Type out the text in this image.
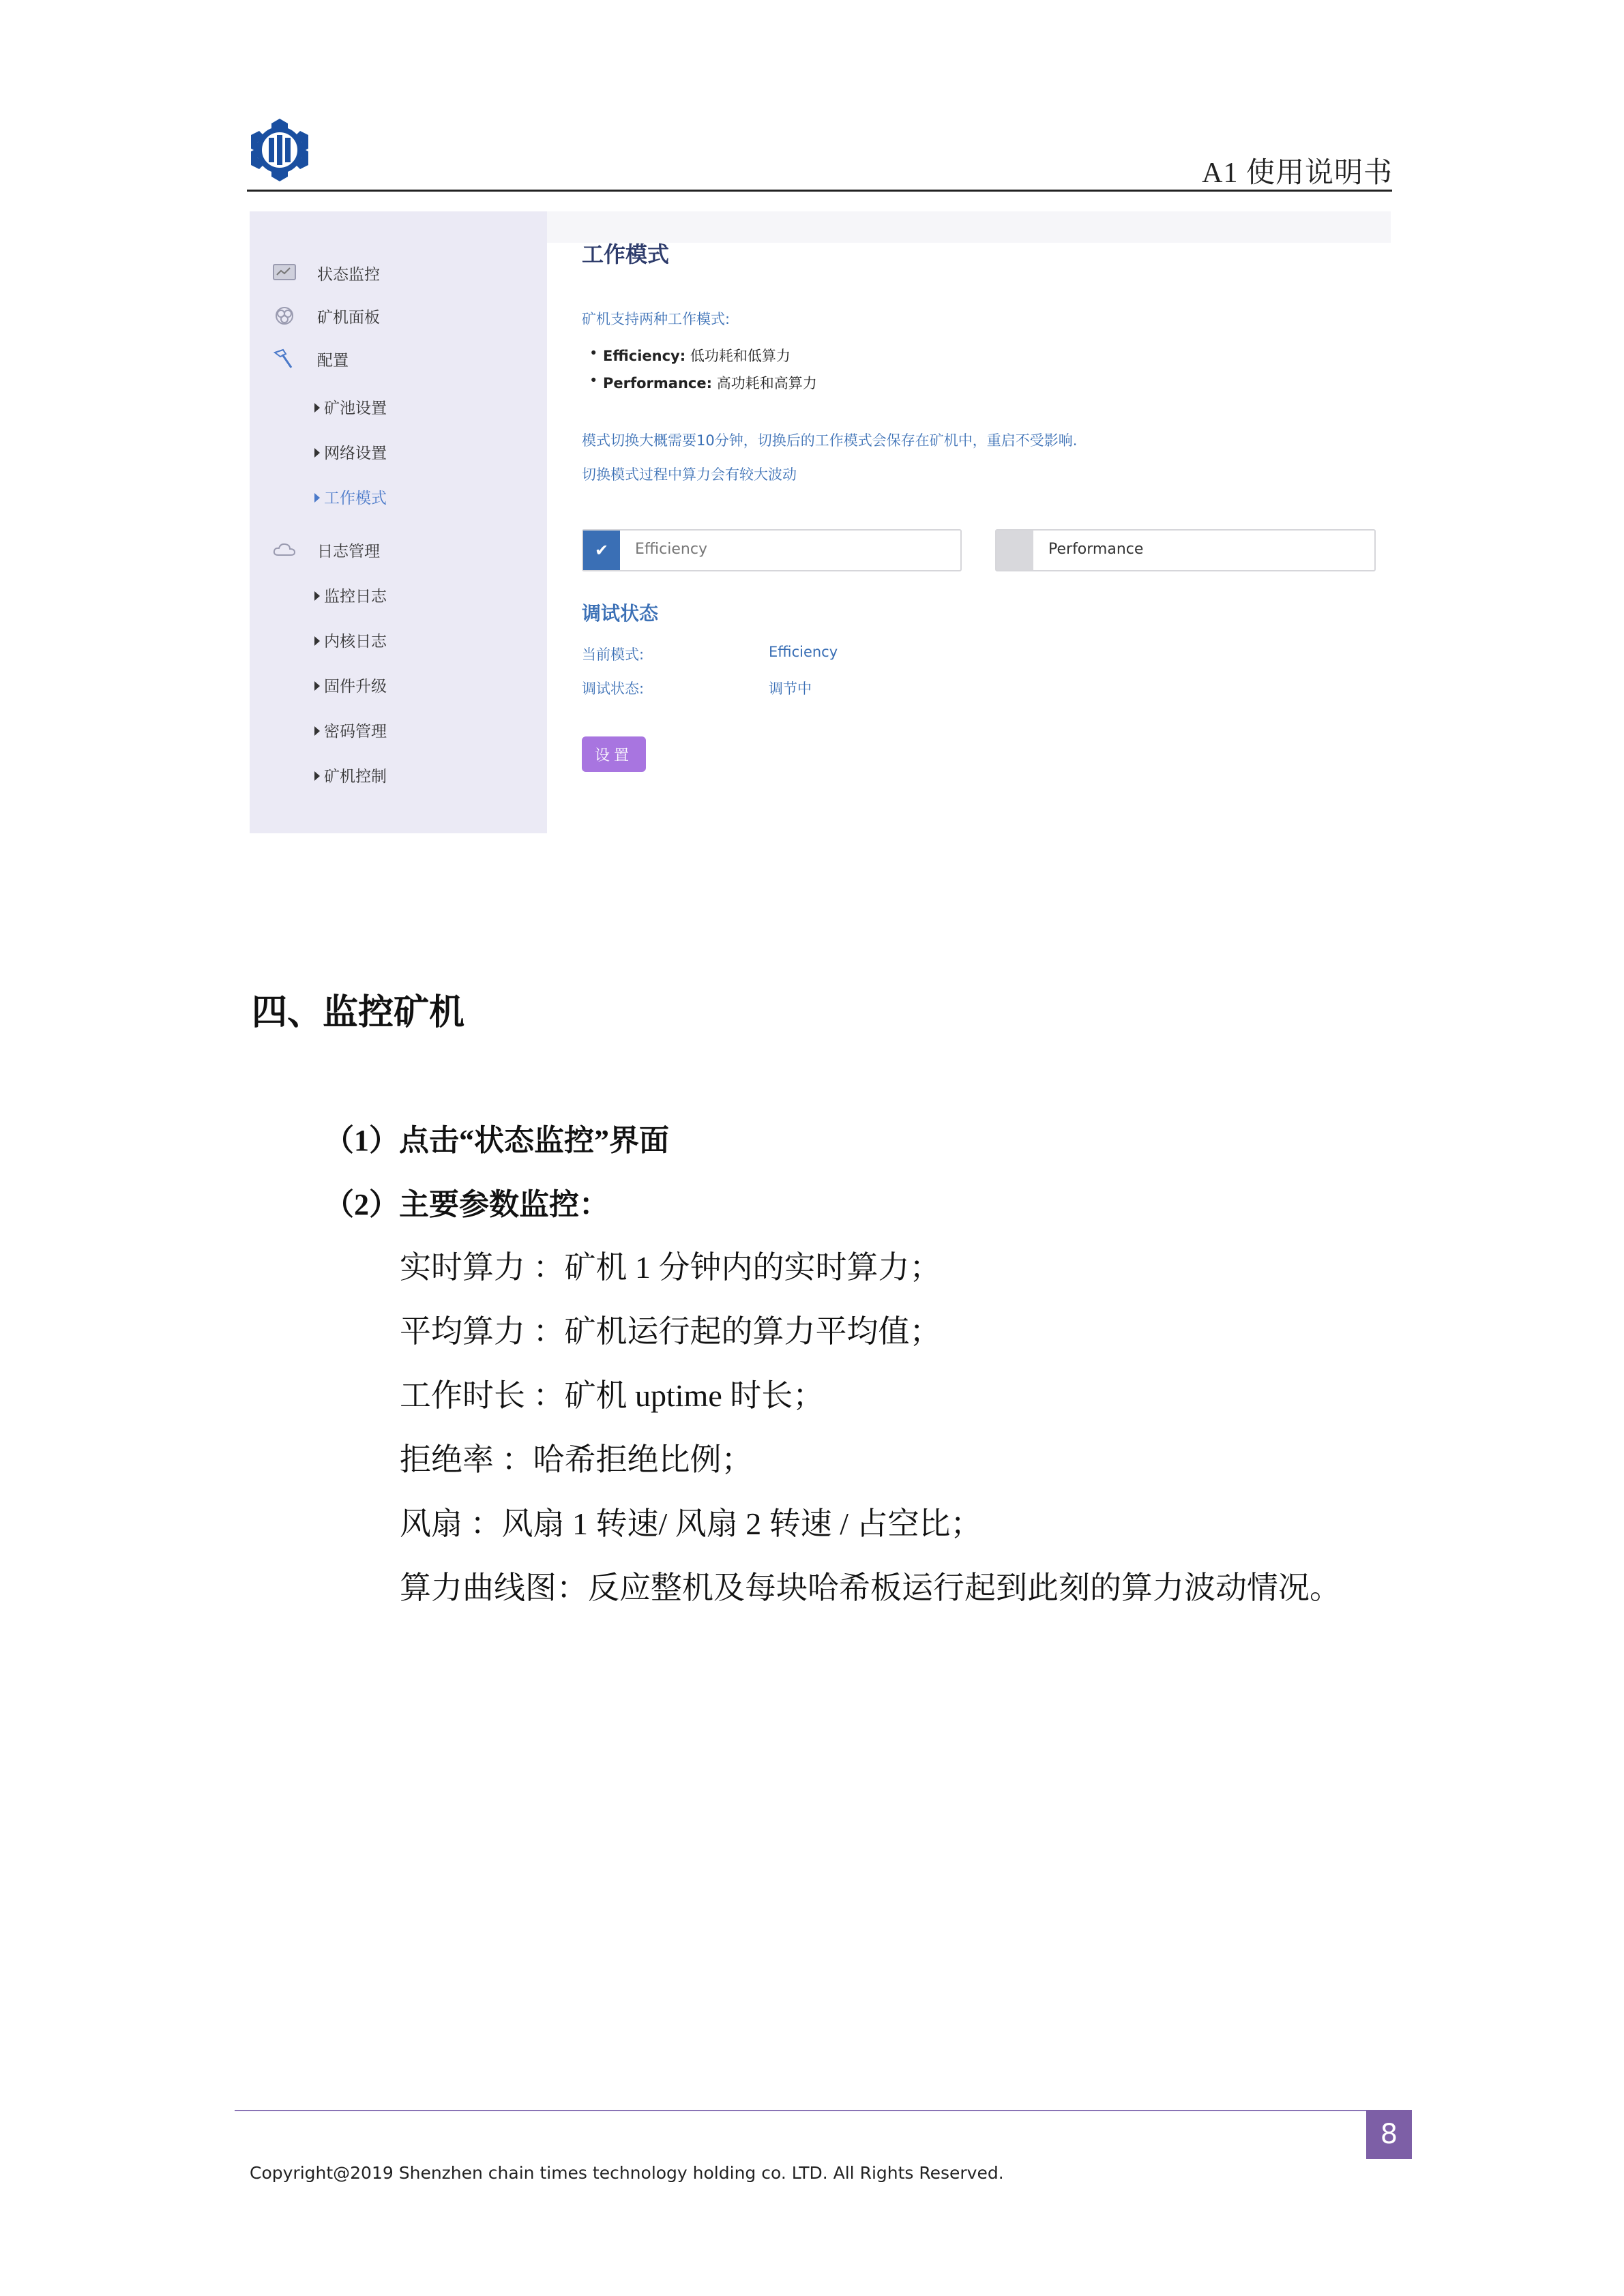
A1 使用说明书
状态监控
矿机面板
配置
矿池设置
网络设置
工作模式
日志管理
监控日志
内核日志
固件升级
密码管理
矿机控制
工作模式
矿机支持两种工作模式:
• Efficiency: 低功耗和低算力
• Performance: 高功耗和高算力
模式切换大概需要10分钟，切换后的工作模式会保存在矿机中，重启不受影响.
切换模式过程中算力会有较大波动
✔	Efficiency	Performance
调试状态
当前模式:	Efficiency
调试状态:	调节中
设置
四、监控矿机
（1）点击“状态监控”界面
（2）主要参数监控：
实时算力 ：矿机 1 分钟内的实时算力；
平均算力 ：矿机运行起的算力平均值；
工作时长 ：矿机 uptime 时长；
拒绝率 ：哈希拒绝比例；
风扇 ：风扇 1 转速/ 风扇 2 转速 / 占空比；
算力曲线图：反应整机及每块哈希板运行起到此刻的算力波动情况。
8
Copyright@2019 Shenzhen chain times technology holding co. LTD. All Rights Reserved.
